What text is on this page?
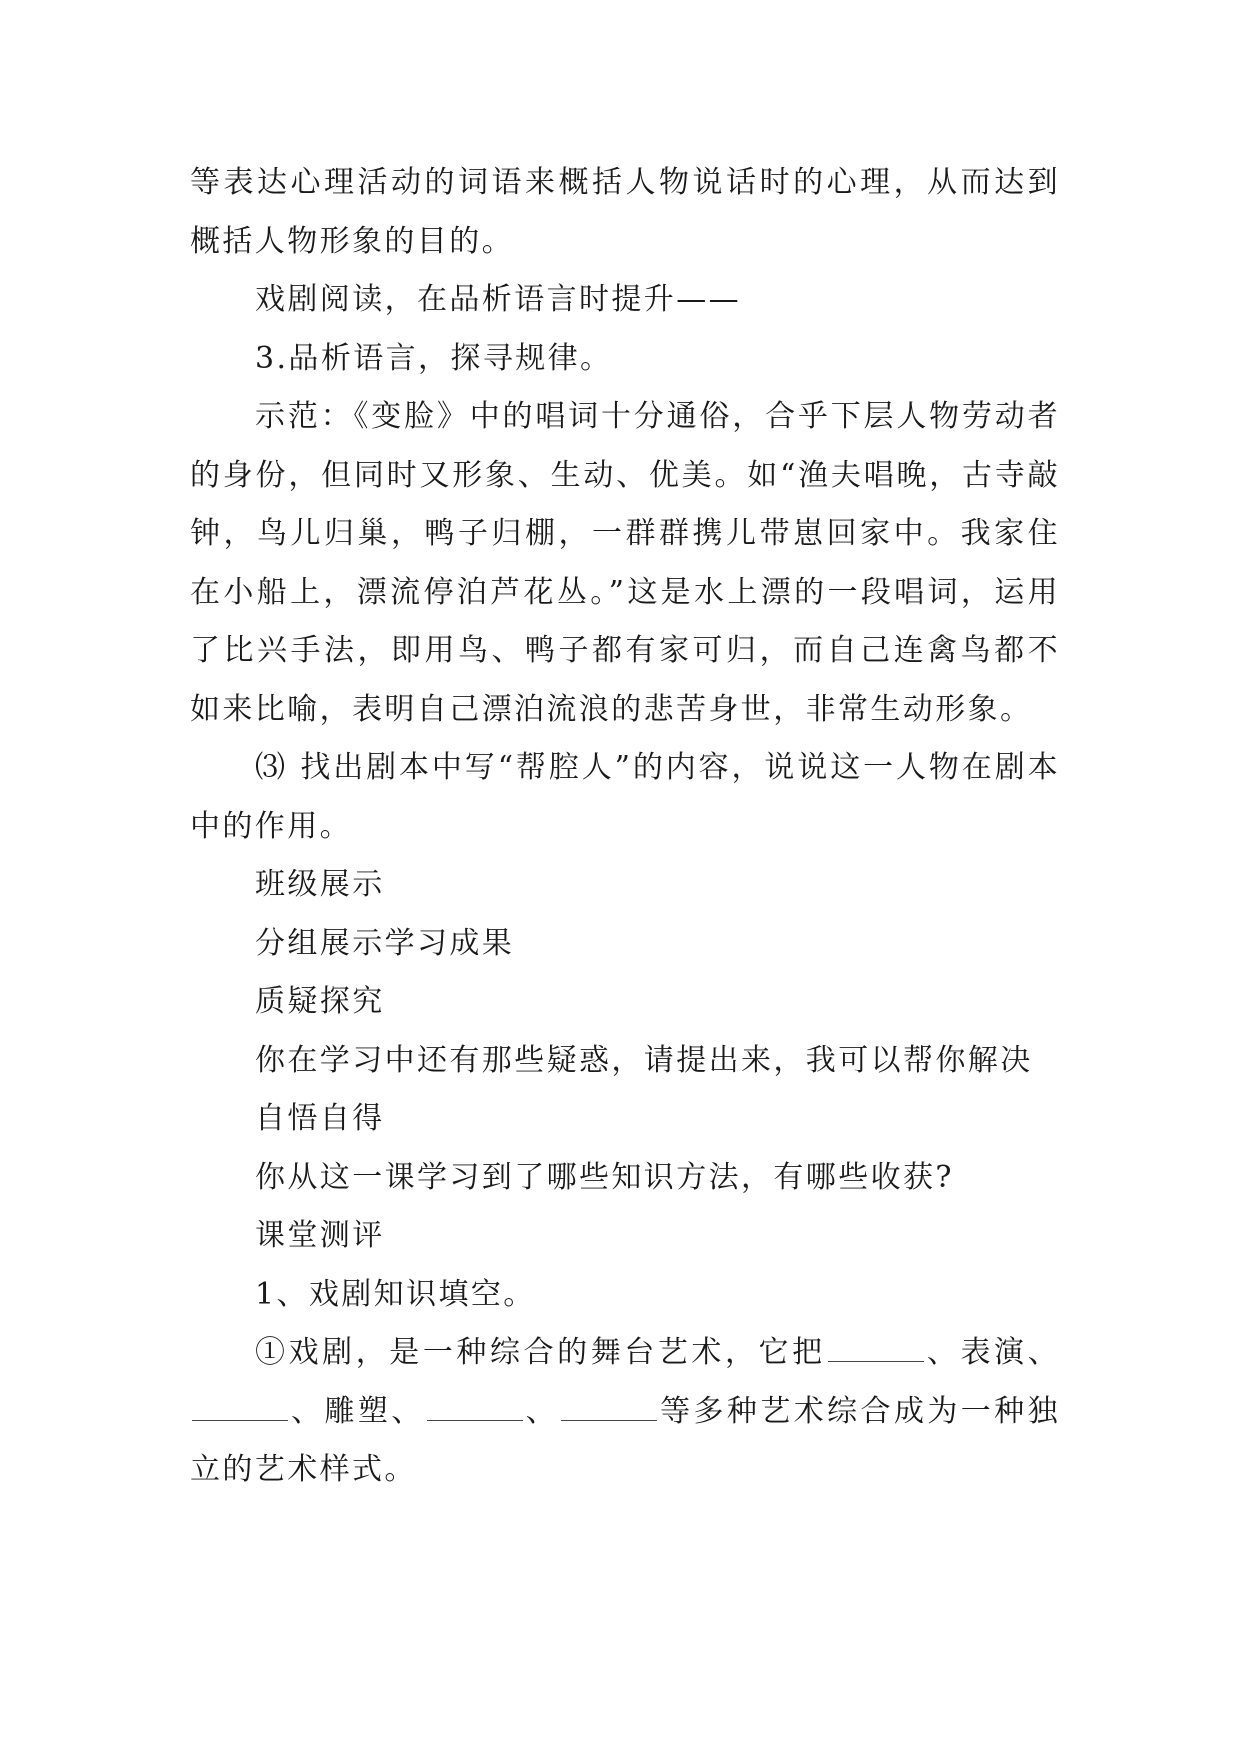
等表达心理活动的词语来概括人物说话时的心理，从而达到概括人物形象的目的。

戏剧阅读，在品析语言时提升——

3.品析语言，探寻规律。

示范：《变脸》中的唱词十分通俗，合乎下层人物劳动者的身份，但同时又形象、生动、优美。如“渔夫唱晚，古寺敲钟，鸟儿归巢，鸭子归棚，一群群携儿带崽回家中。我家住在小船上，漂流停泊芦花丛。”这是水上漂的一段唱词，运用了比兴手法，即用鸟、鸭子都有家可归，而自己连禽鸟都不如来比喻，表明自己漂泊流浪的悲苦身世，非常生动形象。

⑶ 找出剧本中写“帮腔人”的内容，说说这一人物在剧本中的作用。

班级展示

分组展示学习成果

质疑探究

你在学习中还有那些疑惑，请提出来，我可以帮你解决

自悟自得

你从这一课学习到了哪些知识方法，有哪些收获?

课堂测评

1、戏剧知识填空。

①戏剧，是一种综合的舞台艺术，它把	、表演、、雕塑、	、	等多种艺术综合成为一种独立的艺术样式。
